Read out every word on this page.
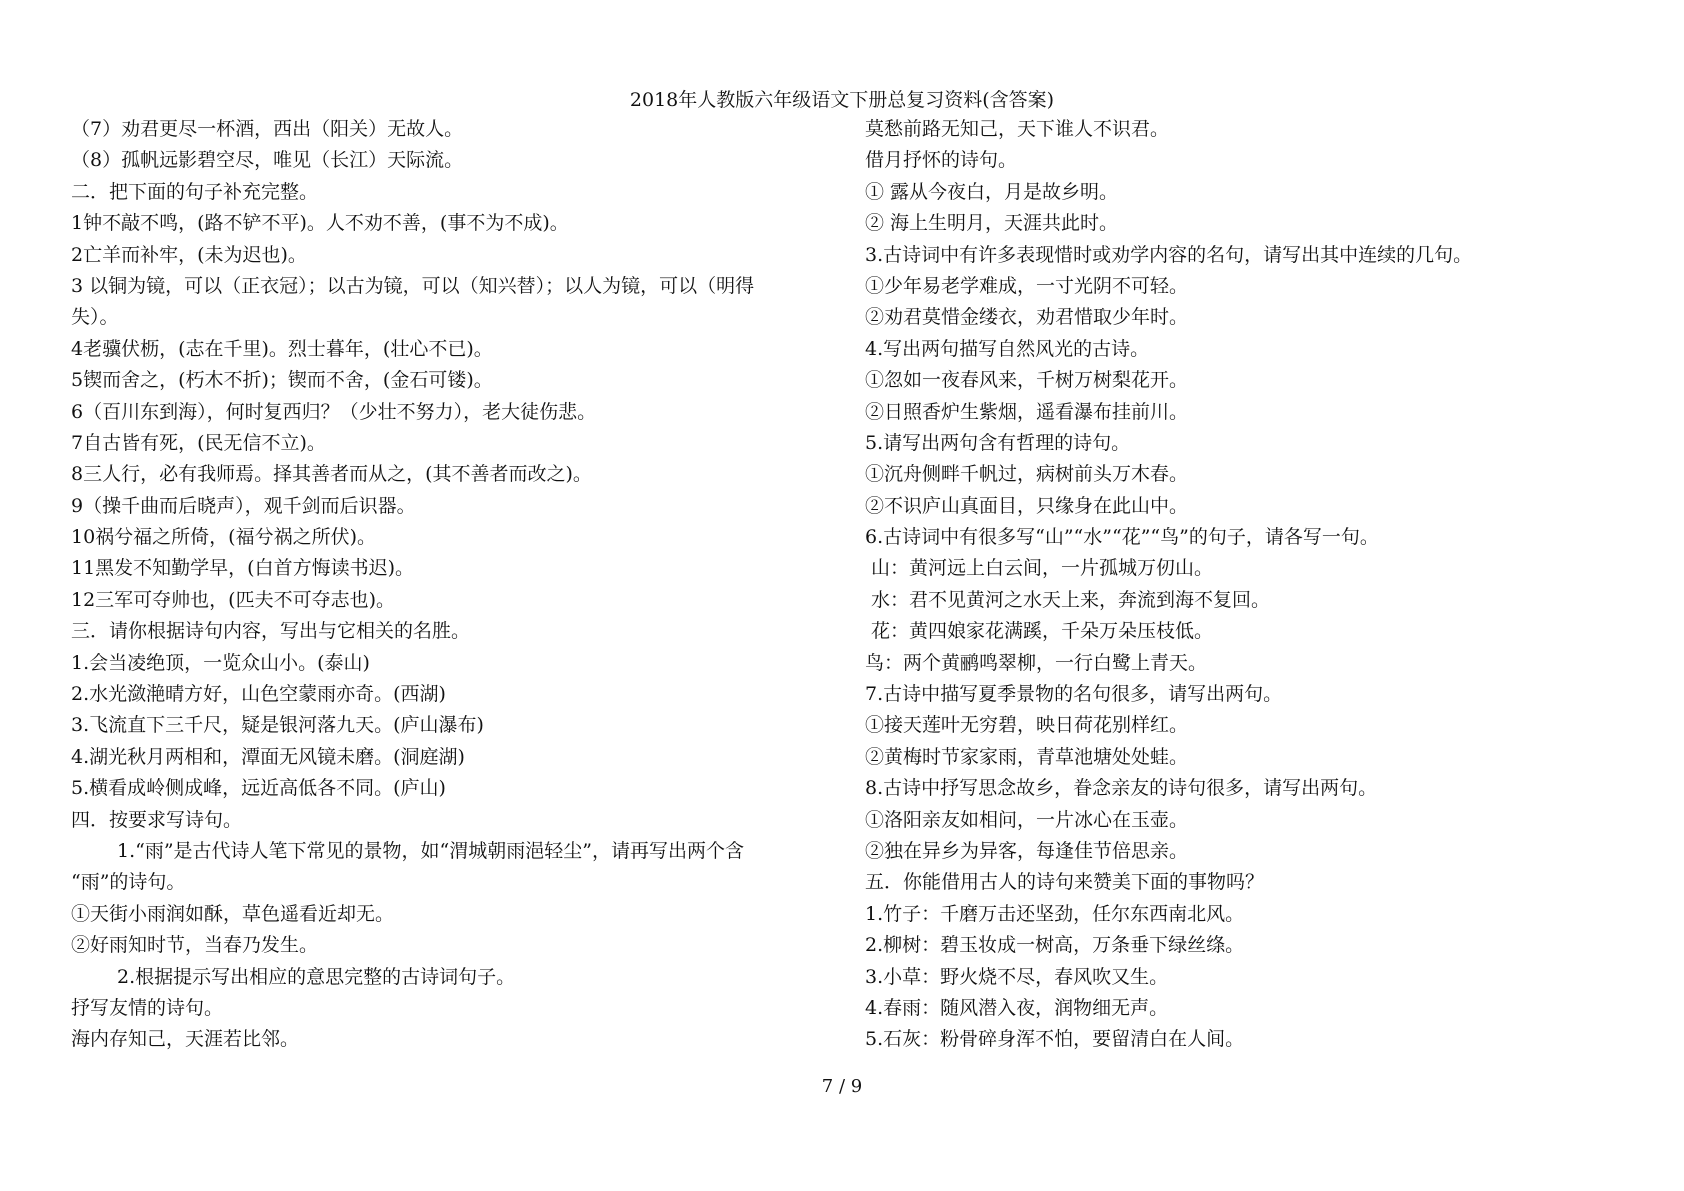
2018年人教版六年级语文下册总复习资料(含答案)
（7）劝君更尽一杯酒，西出（阳关）无故人。
（8）孤帆远影碧空尽，唯见（长江）天际流。
二．把下面的句子补充完整。
1钟不敲不鸣，(路不铲不平)。人不劝不善，(事不为不成)。
2亡羊而补牢，(未为迟也)。
3 以铜为镜，可以（正衣冠）；以古为镜，可以（知兴替）；以人为镜，可以（明得
失）。
4老骥伏枥，(志在千里)。烈士暮年，(壮心不已)。
5锲而舍之，(朽木不折)；锲而不舍，(金石可镂)。
6（百川东到海），何时复西归？（少壮不努力），老大徒伤悲。
7自古皆有死，(民无信不立)。
8三人行，必有我师焉。择其善者而从之，(其不善者而改之)。
9（操千曲而后晓声），观千剑而后识器。
10祸兮福之所倚，(福兮祸之所伏)。
11黑发不知勤学早，(白首方悔读书迟)。
12三军可夺帅也，(匹夫不可夺志也)。
三．请你根据诗句内容，写出与它相关的名胜。
1.会当凌绝顶，一览众山小。(泰山)
2.水光潋滟晴方好，山色空蒙雨亦奇。(西湖)
3.飞流直下三千尺，疑是银河落九天。(庐山瀑布)
4.湖光秋月两相和，潭面无风镜未磨。(洞庭湖)
5.横看成岭侧成峰，远近高低各不同。(庐山)
四．按要求写诗句。
1.“雨”是古代诗人笔下常见的景物，如“渭城朝雨浥轻尘”，请再写出两个含
“雨”的诗句。
①天街小雨润如酥，草色遥看近却无。
②好雨知时节，当春乃发生。
2.根据提示写出相应的意思完整的古诗词句子。
抒写友情的诗句。
海内存知己，天涯若比邻。
莫愁前路无知己，天下谁人不识君。
借月抒怀的诗句。
① 露从今夜白，月是故乡明。
② 海上生明月，天涯共此时。
3.古诗词中有许多表现惜时或劝学内容的名句，请写出其中连续的几句。
①少年易老学难成，一寸光阴不可轻。
②劝君莫惜金缕衣，劝君惜取少年时。
4.写出两句描写自然风光的古诗。
①忽如一夜春风来，千树万树梨花开。
②日照香炉生紫烟，遥看瀑布挂前川。
5.请写出两句含有哲理的诗句。
①沉舟侧畔千帆过，病树前头万木春。
②不识庐山真面目，只缘身在此山中。
6.古诗词中有很多写“山”“水”“花”“鸟”的句子，请各写一句。
山：黄河远上白云间，一片孤城万仞山。
水：君不见黄河之水天上来，奔流到海不复回。
花：黄四娘家花满蹊，千朵万朵压枝低。
鸟：两个黄鹂鸣翠柳，一行白鹭上青天。
7.古诗中描写夏季景物的名句很多，请写出两句。
①接天莲叶无穷碧，映日荷花别样红。
②黄梅时节家家雨，青草池塘处处蛙。
8.古诗中抒写思念故乡，眷念亲友的诗句很多，请写出两句。
①洛阳亲友如相问，一片冰心在玉壶。
②独在异乡为异客，每逢佳节倍思亲。
五．你能借用古人的诗句来赞美下面的事物吗？
1.竹子：千磨万击还坚劲，任尔东西南北风。
2.柳树：碧玉妆成一树高，万条垂下绿丝绦。
3.小草：野火烧不尽，春风吹又生。
4.春雨：随风潜入夜，润物细无声。
5.石灰：粉骨碎身浑不怕，要留清白在人间。
7 / 9
